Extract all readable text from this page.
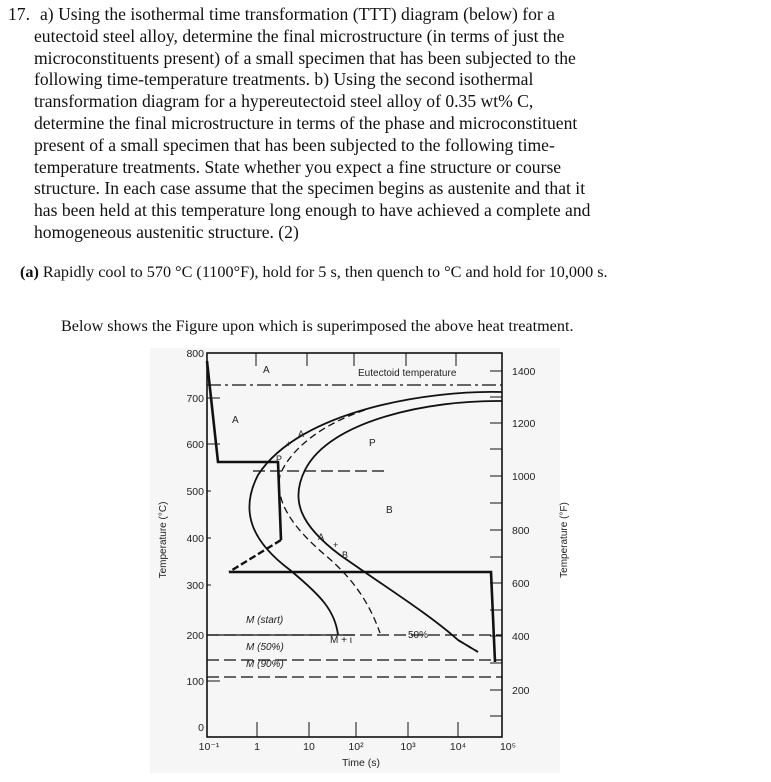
17. a) Using the isothermal time transformation (TTT) diagram (below) for a
eutectoid steel alloy, determine the final microstructure (in terms of just the
microconstituents present) of a small specimen that has been subjected to the
following time-temperature treatments. b) Using the second isothermal
transformation diagram for a hypereutectoid steel alloy of 0.35 wt% C,
determine the final microstructure in terms of the phase and microconstituent
present of a small specimen that has been subjected to the following time-
temperature treatments. State whether you expect a fine structure or course
structure. In each case assume that the specimen begins as austenite and that it
has been held at this temperature long enough to have achieved a complete and
homogeneous austenitic structure. (2)
(a) Rapidly cool to 570 °C (1100°F), hold for 5 s, then quench to °C and hold for 10,000 s.
Below shows the Figure upon which is superimposed the above heat treatment.
800
700
600
500
400
300
200
100
0
1400
1200
1000
800
600
400
200
10⁻¹	1	10	10²	10³	10⁴	10⁵
Time (s)
Temperature (°C)	Temperature (°F)
Eutectoid temperature
A
A
P
B
A
+
P
A
+
B
M (start)
M (50%)
M (90%)
M + ι	50%
